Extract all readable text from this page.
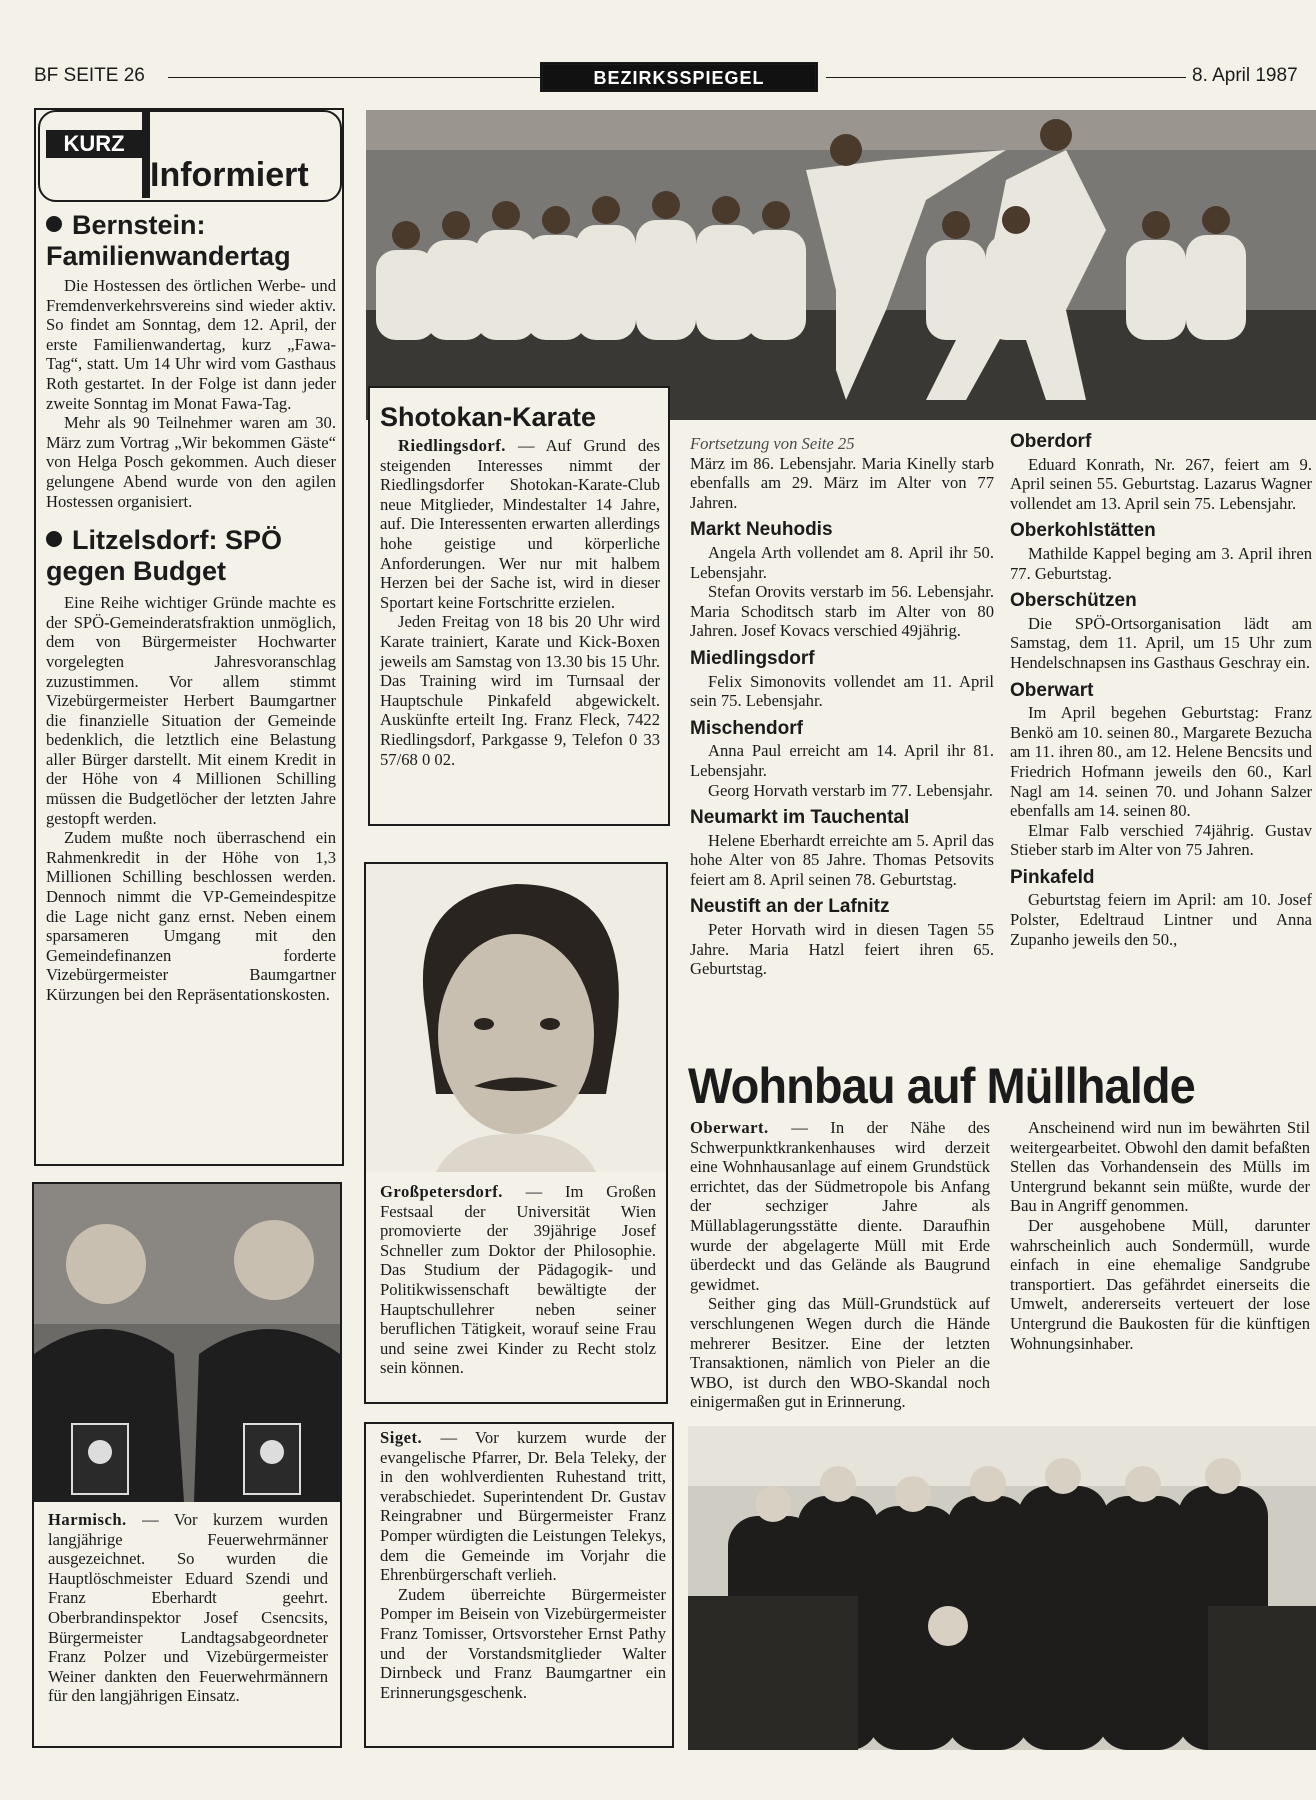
BF SEITE 26	BEZIRKSSPIEGEL	8. April 1987
KURZ
Informiert
Bernstein: Familienwandertag

Die Hostessen des örtlichen Werbe- und Fremdenverkehrsvereins sind wieder aktiv. So findet am Sonntag, dem 12. April, der erste Familienwandertag, kurz „Fawa-Tag“, statt. Um 14 Uhr wird vom Gasthaus Roth gestartet. In der Folge ist dann jeder zweite Sonntag im Monat Fawa-Tag.

Mehr als 90 Teilnehmer waren am 30. März zum Vortrag „Wir bekommen Gäste“ von Helga Posch gekommen. Auch dieser gelungene Abend wurde von den agilen Hostessen organisiert.

Litzelsdorf: SPÖ gegen Budget

Eine Reihe wichtiger Gründe machte es der SPÖ-Gemeinderatsfraktion unmöglich, dem von Bürgermeister Hochwarter vorgelegten Jahresvoranschlag zuzustimmen. Vor allem stimmt Vizebürgermeister Herbert Baumgartner die finanzielle Situation der Gemeinde bedenklich, die letztlich eine Belastung aller Bürger darstellt. Mit einem Kredit in der Höhe von 4 Millionen Schilling müssen die Budgetlöcher der letzten Jahre gestopft werden.

Zudem mußte noch überraschend ein Rahmenkredit in der Höhe von 1,3 Millionen Schilling beschlossen werden. Dennoch nimmt die VP-Gemeindespitze die Lage nicht ganz ernst. Neben einem sparsameren Umgang mit den Gemeindefinanzen forderte Vizebürgermeister Baumgartner Kürzungen bei den Repräsentationskosten.

Harmisch. — Vor kurzem wurden langjährige Feuerwehrmänner ausgezeichnet. So wurden die Hauptlöschmeister Eduard Szendi und Franz Eberhardt geehrt. Oberbrandinspektor Josef Csencsits, Bürgermeister Landtagsabgeordneter Franz Polzer und Vizebürgermeister Weiner dankten den Feuerwehrmännern für den langjährigen Einsatz.

Shotokan-Karate

Riedlingsdorf. — Auf Grund des steigenden Interesses nimmt der Riedlingsdorfer Shotokan-Karate-Club neue Mitglieder, Mindestalter 14 Jahre, auf. Die Interessenten erwarten allerdings hohe geistige und körperliche Anforderungen. Wer nur mit halbem Herzen bei der Sache ist, wird in dieser Sportart keine Fortschritte erzielen.

Jeden Freitag von 18 bis 20 Uhr wird Karate trainiert, Karate und Kick-Boxen jeweils am Samstag von 13.30 bis 15 Uhr. Das Training wird im Turnsaal der Hauptschule Pinkafeld abgewickelt. Auskünfte erteilt Ing. Franz Fleck, 7422 Riedlingsdorf, Parkgasse 9, Telefon 0 33 57/68 0 02.

Großpetersdorf. — Im Großen Festsaal der Universität Wien promovierte der 39jährige Josef Schneller zum Doktor der Philosophie. Das Studium der Pädagogik- und Politikwissenschaft bewältigte der Hauptschullehrer neben seiner beruflichen Tätigkeit, worauf seine Frau und seine zwei Kinder zu Recht stolz sein können.

Siget. — Vor kurzem wurde der evangelische Pfarrer, Dr. Bela Teleky, der in den wohlverdienten Ruhestand tritt, verabschiedet. Superintendent Dr. Gustav Reingrabner und Bürgermeister Franz Pomper würdigten die Leistungen Telekys, dem die Gemeinde im Vorjahr die Ehrenbürgerschaft verlieh.

Zudem überreichte Bürgermeister Pomper im Beisein von Vizebürgermeister Franz Tomisser, Ortsvorsteher Ernst Pathy und der Vorstandsmitglieder Walter Dirnbeck und Franz Baumgartner ein Erinnerungsgeschenk.

Fortsetzung von Seite 25

März im 86. Lebensjahr. Maria Kinelly starb ebenfalls am 29. März im Alter von 77 Jahren.

Markt Neuhodis

Angela Arth vollendet am 8. April ihr 50. Lebensjahr.

Stefan Orovits verstarb im 56. Lebensjahr. Maria Schoditsch starb im Alter von 80 Jahren. Josef Kovacs verschied 49jährig.

Miedlingsdorf

Felix Simonovits vollendet am 11. April sein 75. Lebensjahr.

Mischendorf

Anna Paul erreicht am 14. April ihr 81. Lebensjahr.

Georg Horvath verstarb im 77. Lebensjahr.

Neumarkt im Tauchental

Helene Eberhardt erreichte am 5. April das hohe Alter von 85 Jahre. Thomas Petsovits feiert am 8. April seinen 78. Geburtstag.

Neustift an der Lafnitz

Peter Horvath wird in diesen Tagen 55 Jahre. Maria Hatzl feiert ihren 65. Geburtstag.

Oberdorf

Eduard Konrath, Nr. 267, feiert am 9. April seinen 55. Geburtstag. Lazarus Wagner vollendet am 13. April sein 75. Lebensjahr.

Oberkohlstätten

Mathilde Kappel beging am 3. April ihren 77. Geburtstag.

Oberschützen

Die SPÖ-Ortsorganisation lädt am Samstag, dem 11. April, um 15 Uhr zum Hendelschnapsen ins Gasthaus Geschray ein.

Oberwart

Im April begehen Geburtstag: Franz Benkö am 10. seinen 80., Margarete Bezucha am 11. ihren 80., am 12. Helene Bencsits und Friedrich Hofmann jeweils den 60., Karl Nagl am 14. seinen 70. und Johann Salzer ebenfalls am 14. seinen 80.

Elmar Falb verschied 74jährig. Gustav Stieber starb im Alter von 75 Jahren.

Pinkafeld

Geburtstag feiern im April: am 10. Josef Polster, Edeltraud Lintner und Anna Zupanho jeweils den 50.,

Wohnbau auf Müllhalde

Oberwart. — In der Nähe des Schwerpunktkrankenhauses wird derzeit eine Wohnhausanlage auf einem Grundstück errichtet, das der Südmetropole bis Anfang der sechziger Jahre als Müllablagerungsstätte diente. Daraufhin wurde der abgelagerte Müll mit Erde überdeckt und das Gelände als Baugrund gewidmet.

Seither ging das Müll-Grundstück auf verschlungenen Wegen durch die Hände mehrerer Besitzer. Eine der letzten Transaktionen, nämlich von Pieler an die WBO, ist durch den WBO-Skandal noch einigermaßen gut in Erinnerung.

Anscheinend wird nun im bewährten Stil weitergearbeitet. Obwohl den damit befaßten Stellen das Vorhandensein des Mülls im Untergrund bekannt sein müßte, wurde der Bau in Angriff genommen.

Der ausgehobene Müll, darunter wahrscheinlich auch Sondermüll, wurde einfach in eine ehemalige Sandgrube transportiert. Das gefährdet einerseits die Umwelt, andererseits verteuert der lose Untergrund die Baukosten für die künftigen Wohnungsinhaber.
